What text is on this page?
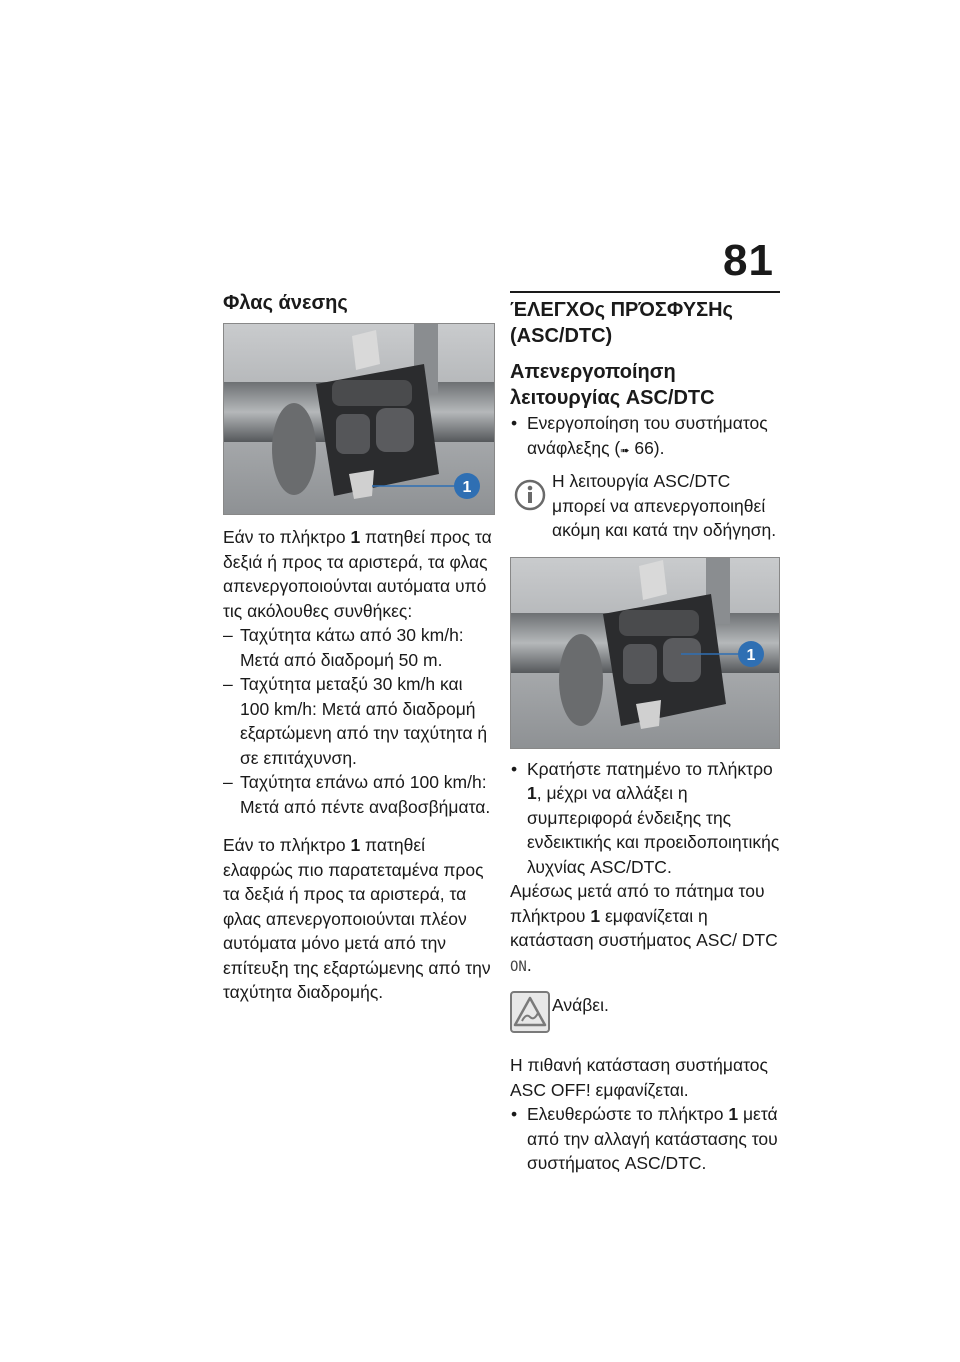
81
Φλας άνεσης
1

Εάν το πλήκτρο 1 πατηθεί προς τα δεξιά ή προς τα αριστερά, τα φλας απενεργοποιούνται αυτόματα υπό τις ακόλουθες συνθήκες:

– Ταχύτητα κάτω από 30 km/h: Μετά από διαδρομή 50 m.
– Ταχύτητα μεταξύ 30 km/h και 100 km/h: Μετά από διαδρομή εξαρτώμενη από την ταχύτητα ή σε επιτάχυνση.
– Ταχύτητα επάνω από 100 km/h: Μετά από πέντε αναβοσβήματα.

Εάν το πλήκτρο 1 πατηθεί ελαφρώς πιο παρατεταμένα προς τα δεξιά ή προς τα αριστερά, τα φλας απενεργοποιούνται πλέον αυτόματα μόνο μετά από την επίτευξη της εξαρτώμενης από την ταχύτητα διαδρομής.

ΈΛΕΓΧΟς ΠΡΌΣΦΥΣΗς
(ASC/DTC)
Απενεργοποίηση
λειτουργίας ASC/DTC
• Ενεργοποίηση του συστήματος ανάφλεξης (➠ 66).
Η λειτουργία ASC/DTC μπορεί να απενεργοποιηθεί ακόμη και κατά την οδήγηση.
1
• Κρατήστε πατημένο το πλήκτρο 1, μέχρι να αλλάξει η συμπεριφορά ένδειξης της ενδεικτικής και προειδοποιητικής λυχνίας ASC/DTC.

Αμέσως μετά από το πάτημα του πλήκτρου 1 εμφανίζεται η κατάσταση συστήματος ASC/ DTC ON.

Ανάβει.

Η πιθανή κατάσταση συστήματος ASC OFF! εμφανίζεται.

• Ελευθερώστε το πλήκτρο 1 μετά από την αλλαγή κατάστασης του συστήματος ASC/DTC.
